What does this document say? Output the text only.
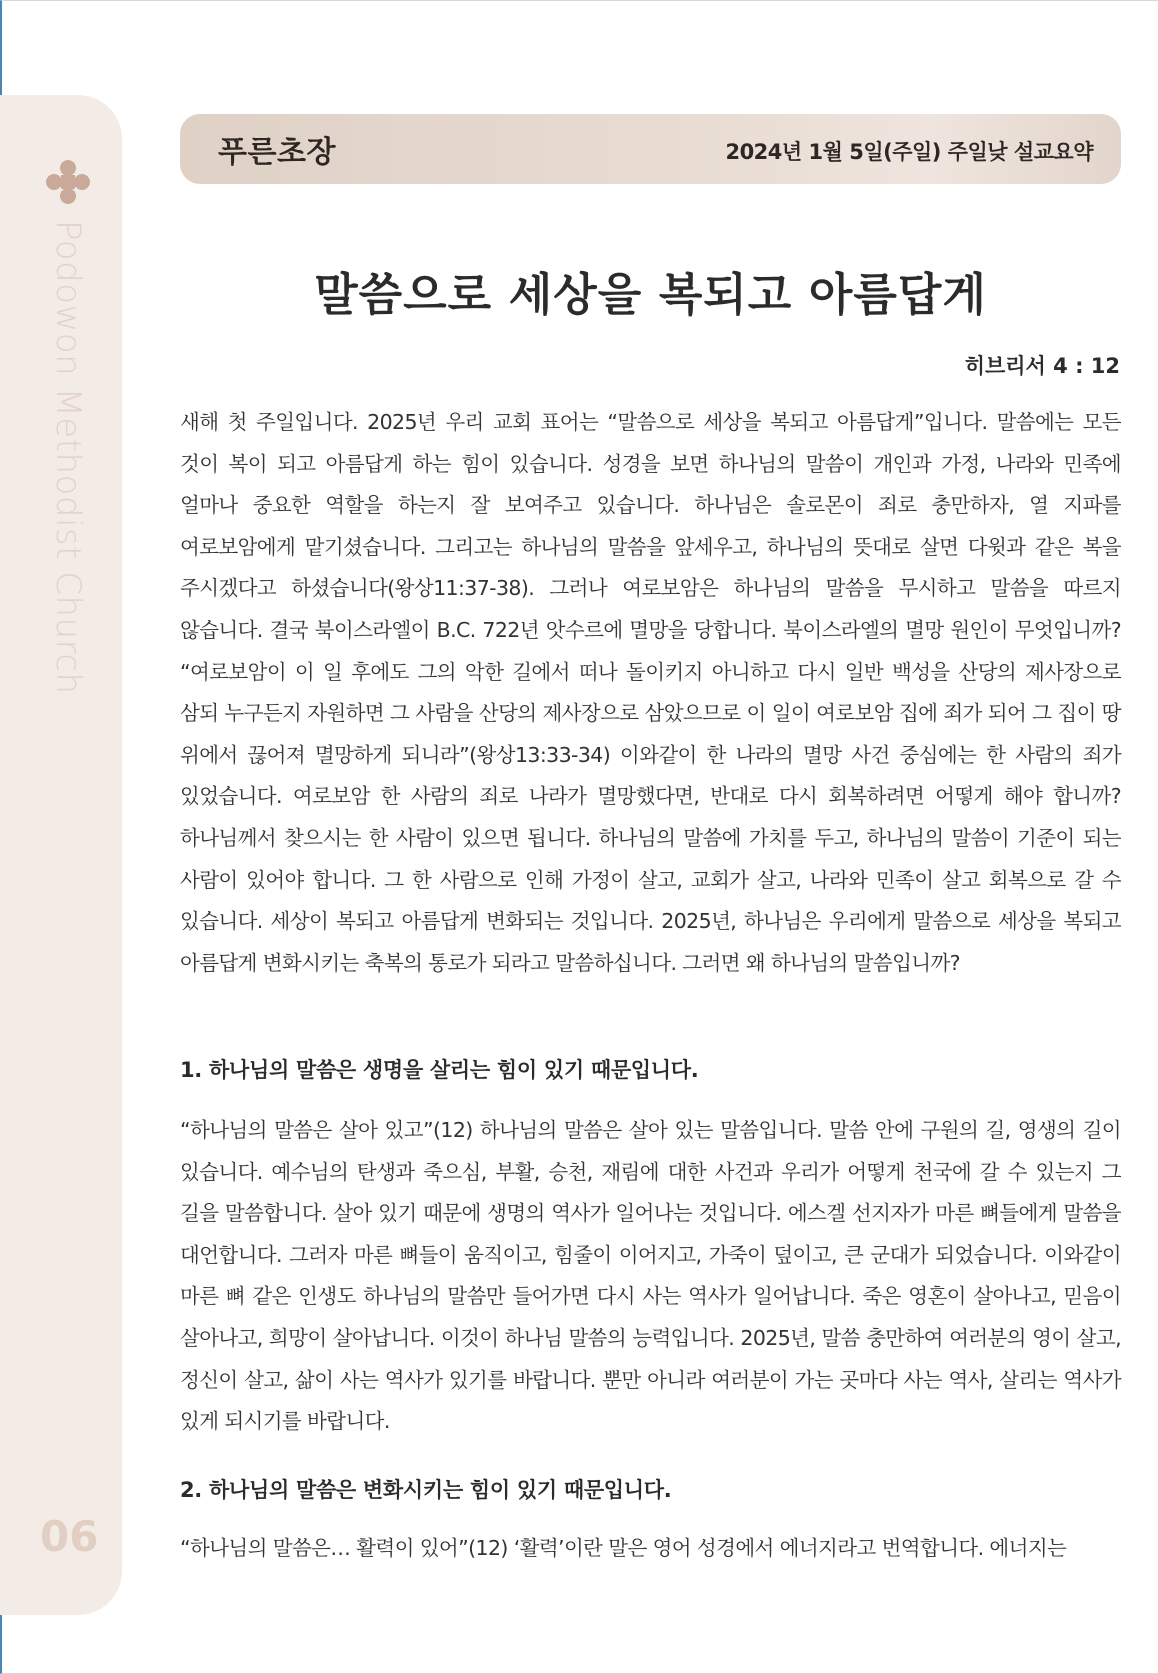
Podowon Methodist Church
06
푸른초장	2024년 1월 5일(주일) 주일낮 설교요약
말씀으로 세상을 복되고 아름답게
히브리서 4 : 12

새해 첫 주일입니다. 2025년 우리 교회 표어는 “말씀으로 세상을 복되고 아름답게”입니다. 말씀에는 모든 것이 복이 되고 아름답게 하는 힘이 있습니다. 성경을 보면 하나님의 말씀이 개인과 가정, 나라와 민족에 얼마나 중요한 역할을 하는지 잘 보여주고 있습니다. 하나님은 솔로몬이 죄로 충만하자, 열 지파를 여로보암에게 맡기셨습니다. 그리고는 하나님의 말씀을 앞세우고, 하나님의 뜻대로 살면 다윗과 같은 복을 주시겠다고 하셨습니다(왕상11:37-38). 그러나 여로보암은 하나님의 말씀을 무시하고 말씀을 따르지 않습니다. 결국 북이스라엘이 B.C. 722년 앗수르에 멸망을 당합니다. 북이스라엘의 멸망 원인이 무엇입니까? “여로보암이 이 일 후에도 그의 악한 길에서 떠나 돌이키지 아니하고 다시 일반 백성을 산당의 제사장으로 삼되 누구든지 자원하면 그 사람을 산당의 제사장으로 삼았으므로 이 일이 여로보암 집에 죄가 되어 그 집이 땅 위에서 끊어져 멸망하게 되니라”(왕상13:33-34) 이와같이 한 나라의 멸망 사건 중심에는 한 사람의 죄가 있었습니다. 여로보암 한 사람의 죄로 나라가 멸망했다면, 반대로 다시 회복하려면 어떻게 해야 합니까? 하나님께서 찾으시는 한 사람이 있으면 됩니다. 하나님의 말씀에 가치를 두고, 하나님의 말씀이 기준이 되는 사람이 있어야 합니다. 그 한 사람으로 인해 가정이 살고, 교회가 살고, 나라와 민족이 살고 회복으로 갈 수 있습니다. 세상이 복되고 아름답게 변화되는 것입니다. 2025년, 하나님은 우리에게 말씀으로 세상을 복되고 아름답게 변화시키는 축복의 통로가 되라고 말씀하십니다. 그러면 왜 하나님의 말씀입니까?

1. 하나님의 말씀은 생명을 살리는 힘이 있기 때문입니다.

“하나님의 말씀은 살아 있고”(12) 하나님의 말씀은 살아 있는 말씀입니다. 말씀 안에 구원의 길, 영생의 길이 있습니다. 예수님의 탄생과 죽으심, 부활, 승천, 재림에 대한 사건과 우리가 어떻게 천국에 갈 수 있는지 그 길을 말씀합니다. 살아 있기 때문에 생명의 역사가 일어나는 것입니다. 에스겔 선지자가 마른 뼈들에게 말씀을 대언합니다. 그러자 마른 뼈들이 움직이고, 힘줄이 이어지고, 가죽이 덮이고, 큰 군대가 되었습니다. 이와같이 마른 뼈 같은 인생도 하나님의 말씀만 들어가면 다시 사는 역사가 일어납니다. 죽은 영혼이 살아나고, 믿음이 살아나고, 희망이 살아납니다. 이것이 하나님 말씀의 능력입니다. 2025년, 말씀 충만하여 여러분의 영이 살고, 정신이 살고, 삶이 사는 역사가 있기를 바랍니다. 뿐만 아니라 여러분이 가는 곳마다 사는 역사, 살리는 역사가 있게 되시기를 바랍니다.

2. 하나님의 말씀은 변화시키는 힘이 있기 때문입니다.

“하나님의 말씀은… 활력이 있어”(12) ‘활력’이란 말은 영어 성경에서 에너지라고 번역합니다. 에너지는
